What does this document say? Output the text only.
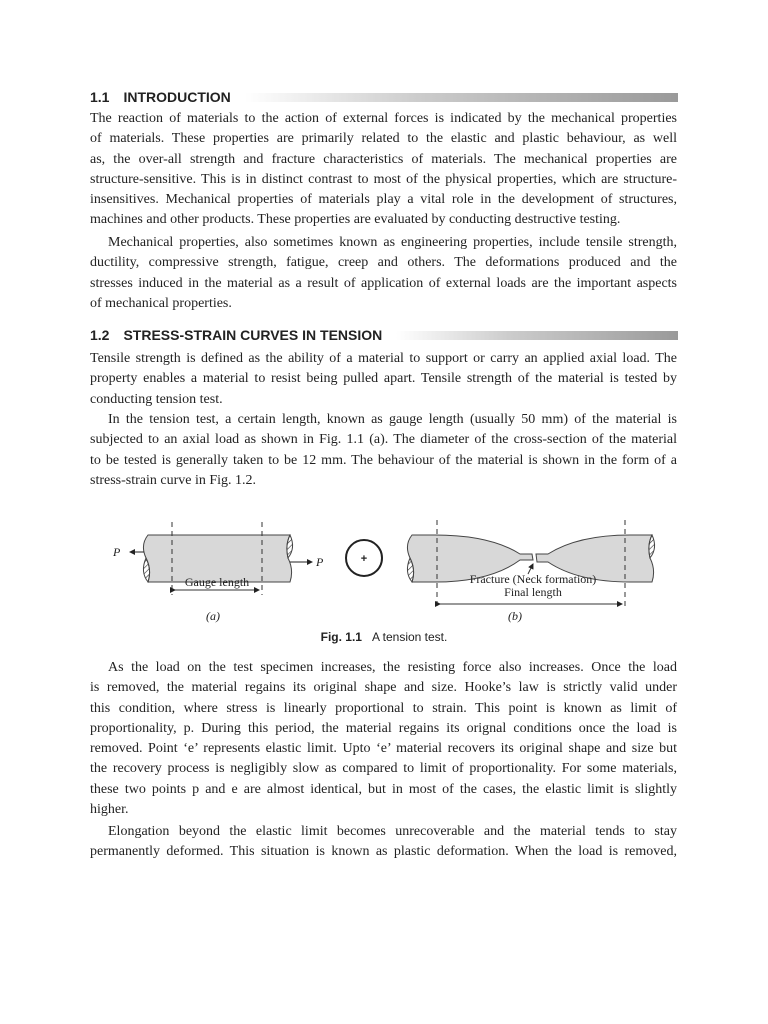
1.1 INTRODUCTION
The reaction of materials to the action of external forces is indicated by the mechanical properties
of materials. These properties are primarily related to the elastic and plastic behaviour, as well
as, the over-all strength and fracture characteristics of materials. The mechanical properties are
structure-sensitive. This is in distinct contrast to most of the physical properties, which are structure-
insensitives. Mechanical properties of materials play a vital role in the development of structures,
machines and other products. These properties are evaluated by conducting destructive testing.
Mechanical properties, also sometimes known as engineering properties, include tensile strength,
ductility, compressive strength, fatigue, creep and others. The deformations produced and the
stresses induced in the material as a result of application of external loads are the important aspects
of mechanical properties.
1.2 STRESS-STRAIN CURVES IN TENSION
Tensile strength is defined as the ability of a material to support or carry an applied axial load. The
property enables a material to resist being pulled apart. Tensile strength of the material is tested by
conducting tension test.
In the tension test, a certain length, known as gauge length (usually 50 mm) of the material is
subjected to an axial load as shown in Fig. 1.1 (a). The diameter of the cross-section of the material
to be tested is generally taken to be 12 mm. The behaviour of the material is shown in the form of a
stress-strain curve in Fig. 1.2.
P
P
Gauge length
(a)
+
Fracture (Neck formation)
Final length
(b)
Fig. 1.1 A tension test.
As the load on the test specimen increases, the resisting force also increases. Once the load
is removed, the material regains its original shape and size. Hooke’s law is strictly valid under
this condition, where stress is linearly proportional to strain. This point is known as limit of
proportionality, p. During this period, the material regains its orignal conditions once the load is
removed. Point ‘e’ represents elastic limit. Upto ‘e’ material recovers its original shape and size but
the recovery process is negligibly slow as compared to limit of proportionality. For some materials,
these two points p and e are almost identical, but in most of the cases, the elastic limit is slightly
higher.
Elongation beyond the elastic limit becomes unrecoverable and the material tends to stay
permanently deformed. This situation is known as plastic deformation. When the load is removed,
